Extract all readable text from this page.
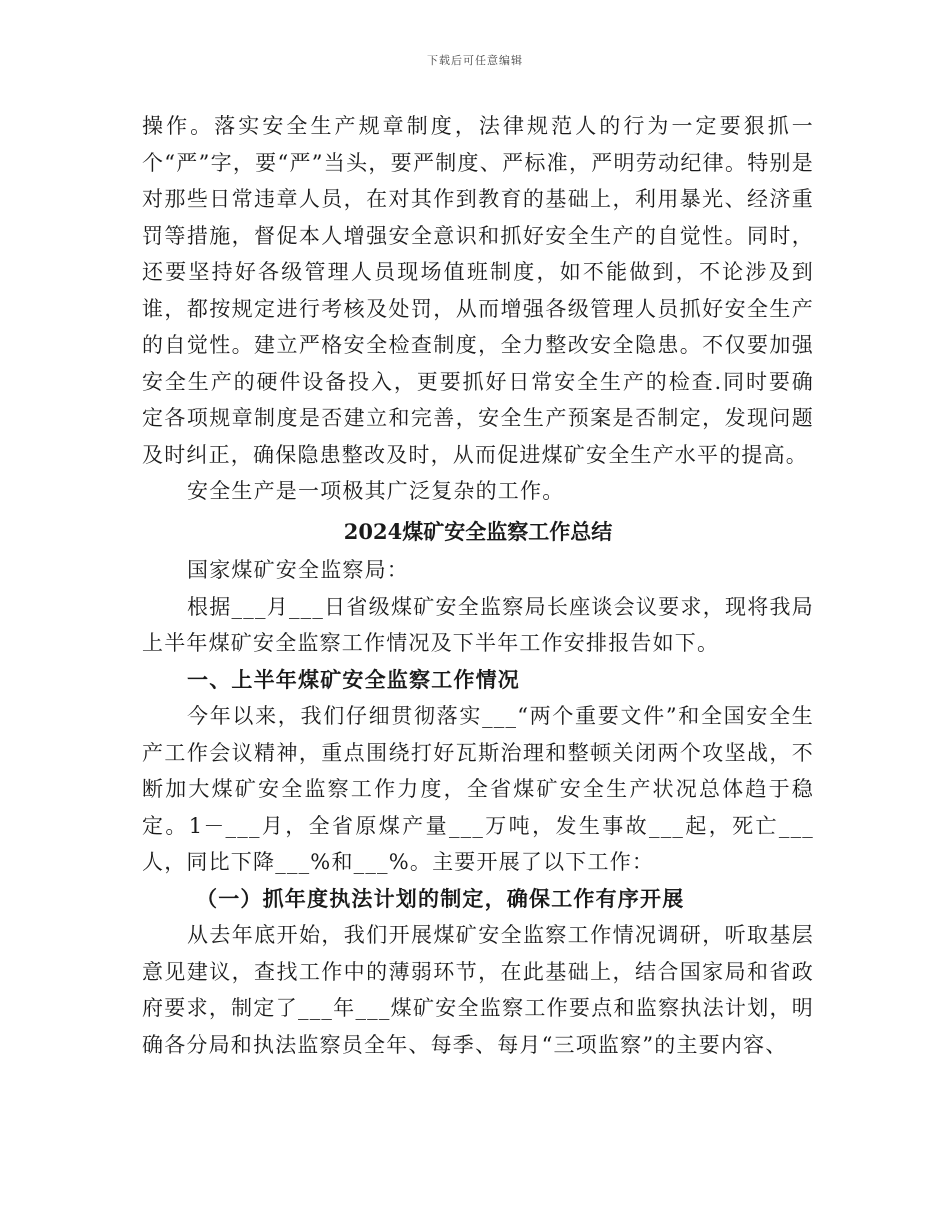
下载后可任意编辑

操作。落实安全生产规章制度，法律规范人的行为一定要狠抓一个“严”字，要“严”当头，要严制度、严标准，严明劳动纪律。特别是对那些日常违章人员，在对其作到教育的基础上，利用暴光、经济重罚等措施，督促本人增强安全意识和抓好安全生产的自觉性。同时，还要坚持好各级管理人员现场值班制度，如不能做到，不论涉及到谁，都按规定进行考核及处罚，从而增强各级管理人员抓好安全生产的自觉性。建立严格安全检查制度，全力整改安全隐患。不仅要加强安全生产的硬件设备投入，更要抓好日常安全生产的检查.同时要确定各项规章制度是否建立和完善，安全生产预案是否制定，发现问题及时纠正，确保隐患整改及时，从而促进煤矿安全生产水平的提高。

安全生产是一项极其广泛复杂的工作。

2024煤矿安全监察工作总结

国家煤矿安全监察局：

根据___月___日省级煤矿安全监察局长座谈会议要求，现将我局上半年煤矿安全监察工作情况及下半年工作安排报告如下。

一、上半年煤矿安全监察工作情况

今年以来，我们仔细贯彻落实___“两个重要文件”和全国安全生产工作会议精神，重点围绕打好瓦斯治理和整顿关闭两个攻坚战，不断加大煤矿安全监察工作力度，全省煤矿安全生产状况总体趋于稳定。1－___月，全省原煤产量___万吨，发生事故___起，死亡___人，同比下降___%和___%。主要开展了以下工作：

（一）抓年度执法计划的制定，确保工作有序开展

从去年底开始，我们开展煤矿安全监察工作情况调研，听取基层意见建议，查找工作中的薄弱环节，在此基础上，结合国家局和省政府要求，制定了___年___煤矿安全监察工作要点和监察执法计划，明确各分局和执法监察员全年、每季、每月“三项监察”的主要内容、
